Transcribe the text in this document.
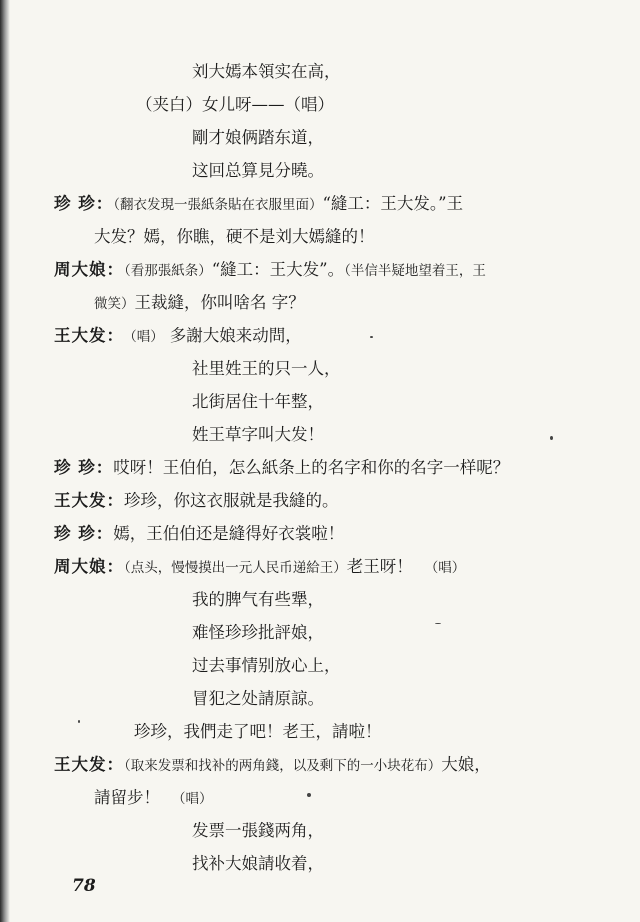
刘大嫣本領实在高，
（夹白）女儿呀——（唱）
剛才娘俩踏东道，
这回总算見分曉。
珍 珍：（翻衣发現一張紙条貼在衣服里面）“縫工：王大发。”王
大发？嫣，你瞧，硬不是刘大嫣縫的！
周大娘：（看那張紙条）“縫工：王大发”。（半信半疑地望着王，王
微笑）王裁縫，你叫啥名 字？
王大发： （唱） 多謝大娘来动問，
社里姓王的只一人，
北街居住十年整，
姓王草字叫大发！
珍 珍：哎呀！王伯伯，怎么紙条上的名字和你的名字一样呢？
王大发：珍珍，你这衣服就是我縫的。
珍 珍：嫣，王伯伯还是縫得好衣裳啦！
周大娘：（点头，慢慢摸出一元人民币递給王）老王呀！ （唱）
我的脾气有些犟，
难怪珍珍批評娘，
过去事情别放心上，
冒犯之处請原諒。
珍珍，我們走了吧！老王，請啦！
王大发：（取来发票和找补的两角錢，以及剩下的一小块花布）大娘，
請留步！ （唱）
发票一張錢两角，
找补大娘請收着，
78
